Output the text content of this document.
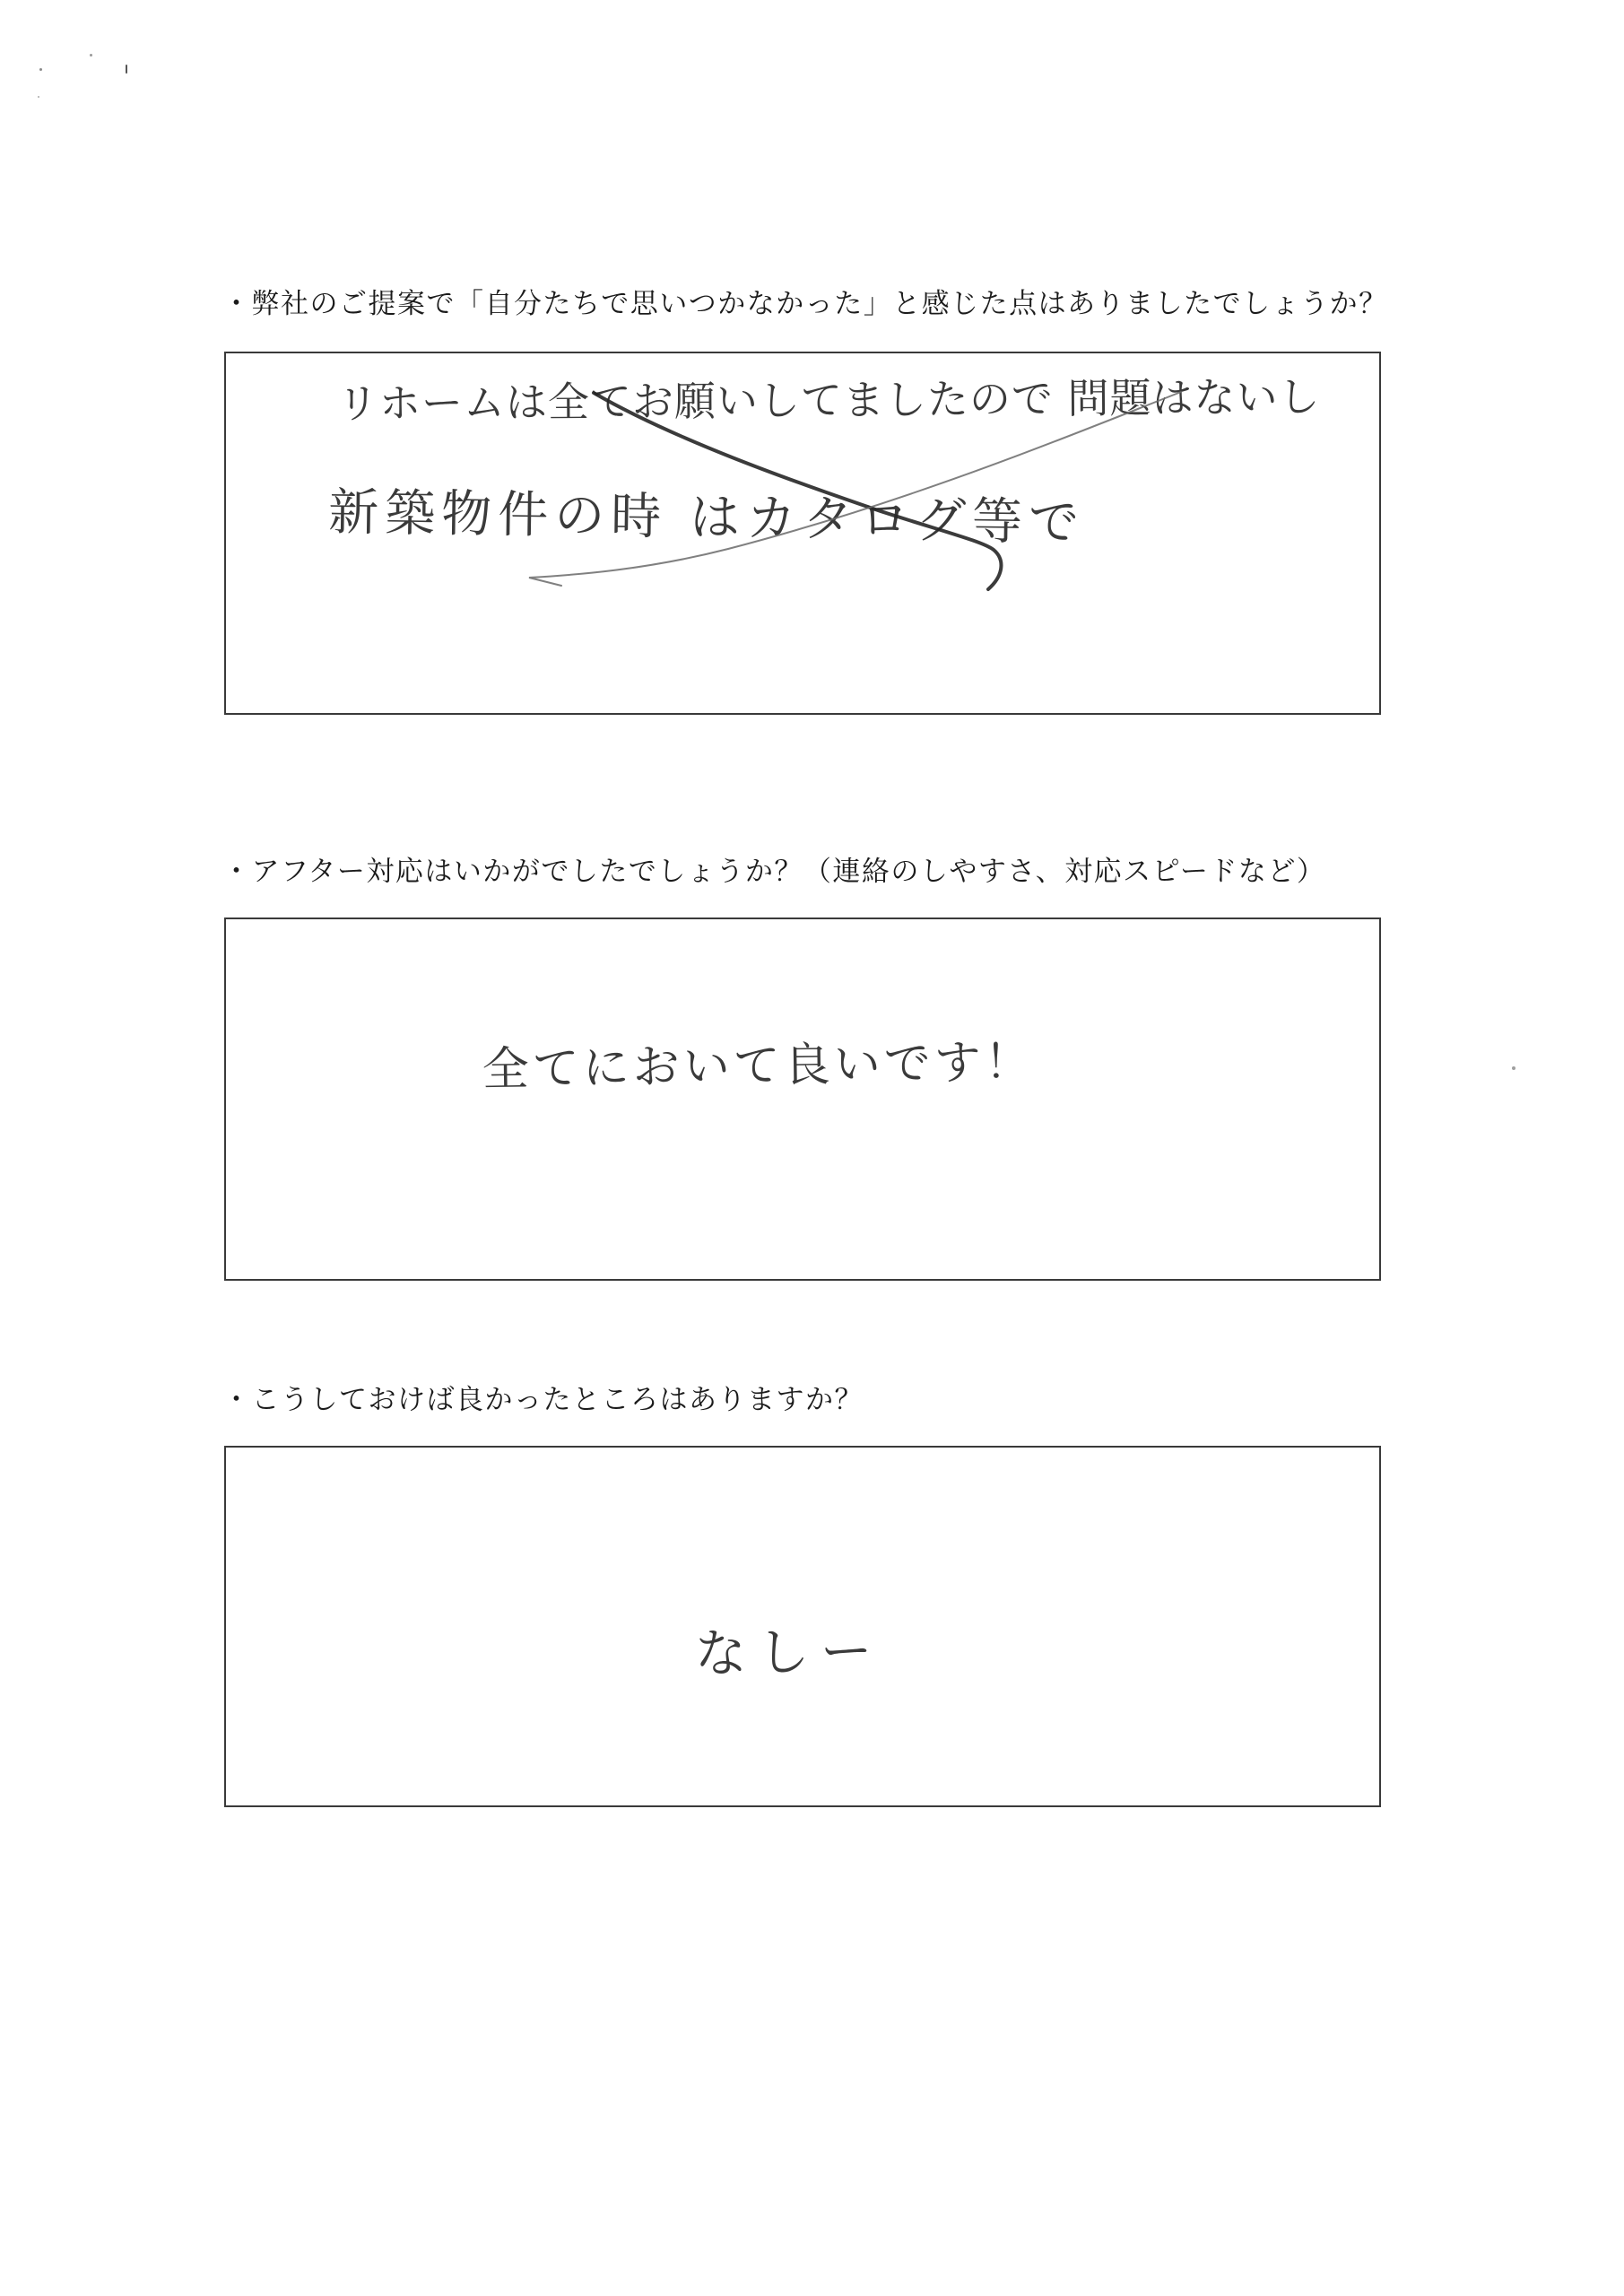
・弊社のご提案で「自分たちで思いつかなかった」と感じた点はありましたでしょうか？
リホームは全てお願いしてましたので 問題はないし
新築物件の時 はカタログ等で
・アフター対応はいかがでしたでしょうか？（連絡のしやすさ、対応スピードなど）
全てにおいて良いです！
・こうしておけば良かったところはありますか？
なしー
